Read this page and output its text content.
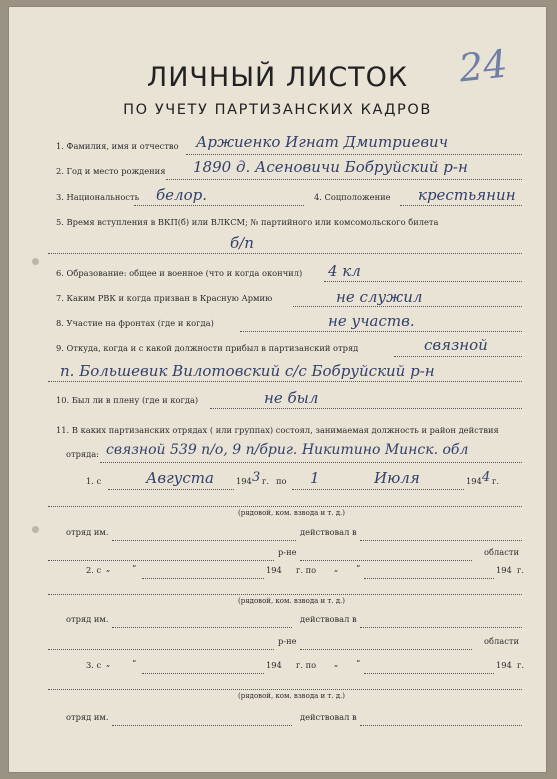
24
ЛИЧНЫЙ ЛИСТОК
ПО УЧЕТУ ПАРТИЗАНСКИХ КАДРОВ
1. Фамилия, имя и отчество Аржиенко Игнат Дмитриевич
2. Год и место рождения 1890 д. Асеновичи Бобруйский р-н
3. Национальность белор.	4. Соцположение крестьянин
5. Время вступления в ВКП(б) или ВЛКСМ; № партийного или комсомольского билета
б/п
6. Образование: общее и военное (что и когда окончил) 4 кл
7. Каким РВК и когда призван в Красную Армию	не служил
8. Участие на фронтах (где и когда)	не участв.
9. Откуда, когда и с какой должности прибыл в партизанский отряд	связной
п. Большевик Вилотовский с/с Бобруйский р-н
10. Был ли в плену (где и когда)	не был
11. В каких партизанских отрядах ( или группах) состоял, занимаемая должность и район действия
отряда: связной 539 п/о, 9 п/бриг. Никитино Минск. обл
1. с	Августа	194 3 г. по 1	Июля	194 4 г.
(рядовой, ком. взвода и т. д.)
отряд им.	действовал в
р-не	области
2. с „	“	194 г. по „ “	194 г.
(рядовой, ком. взвода и т. д.)
отряд им.	действовал в
р-не	области
3. с „	“	194 г. по „ “	194 г.
(рядовой, ком. взвода и т. д.)
отряд им.	действовал в
